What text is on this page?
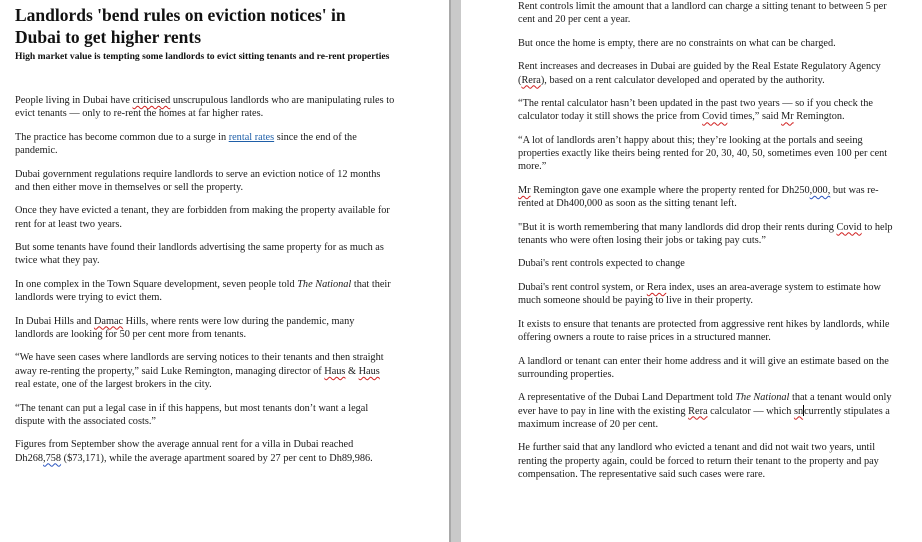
Landlords 'bend rules on eviction notices' in Dubai to get higher rents
High market value is tempting some landlords to evict sitting tenants and re-rent properties

People living in Dubai have criticised unscrupulous landlords who are manipulating rules to evict tenants — only to re-rent the homes at far higher rates.

The practice has become common due to a surge in rental rates since the end of the pandemic.

Dubai government regulations require landlords to serve an eviction notice of 12 months and then either move in themselves or sell the property.

Once they have evicted a tenant, they are forbidden from making the property available for rent for at least two years.

But some tenants have found their landlords advertising the same property for as much as twice what they pay.

In one complex in the Town Square development, seven people told The National that their landlords were trying to evict them.

In Dubai Hills and Damac Hills, where rents were low during the pandemic, many landlords are looking for 50 per cent more from tenants.

“We have seen cases where landlords are serving notices to their tenants and then straight away re-renting the property,” said Luke Remington, managing director of Haus & Haus real estate, one of the largest brokers in the city.

“The tenant can put a legal case in if this happens, but most tenants don’t want a legal dispute with the associated costs.”

Figures from September show the average annual rent for a villa in Dubai reached Dh268,758 ($73,171), while the average apartment soared by 27 per cent to Dh89,986.

Rent controls limit the amount that a landlord can charge a sitting tenant to between 5 per cent and 20 per cent a year.

But once the home is empty, there are no constraints on what can be charged.

Rent increases and decreases in Dubai are guided by the Real Estate Regulatory Agency (Rera), based on a rent calculator developed and operated by the authority.

“The rental calculator hasn’t been updated in the past two years — so if you check the calculator today it still shows the price from Covid times,” said Mr Remington.

“A lot of landlords aren’t happy about this; they’re looking at the portals and seeing properties exactly like theirs being rented for 20, 30, 40, 50, sometimes even 100 per cent more.”

Mr Remington gave one example where the property rented for Dh250,000, but was re-rented at Dh400,000 as soon as the sitting tenant left.

"But it is worth remembering that many landlords did drop their rents during Covid to help tenants who were often losing their jobs or taking pay cuts.”

Dubai's rent controls expected to change

Dubai's rent control system, or Rera index, uses an area-average system to estimate how much someone should be paying to live in their property.

It exists to ensure that tenants are protected from aggressive rent hikes by landlords, while offering owners a route to raise prices in a structured manner.

A landlord or tenant can enter their home address and it will give an estimate based on the surrounding properties.

A representative of the Dubai Land Department told The National that a tenant would only ever have to pay in line with the existing Rera calculator — which sncurrently stipulates a maximum increase of 20 per cent.

He further said that any landlord who evicted a tenant and did not wait two years, until renting the property again, could be forced to return their tenant to the property and pay compensation. The representative said such cases were rare.
